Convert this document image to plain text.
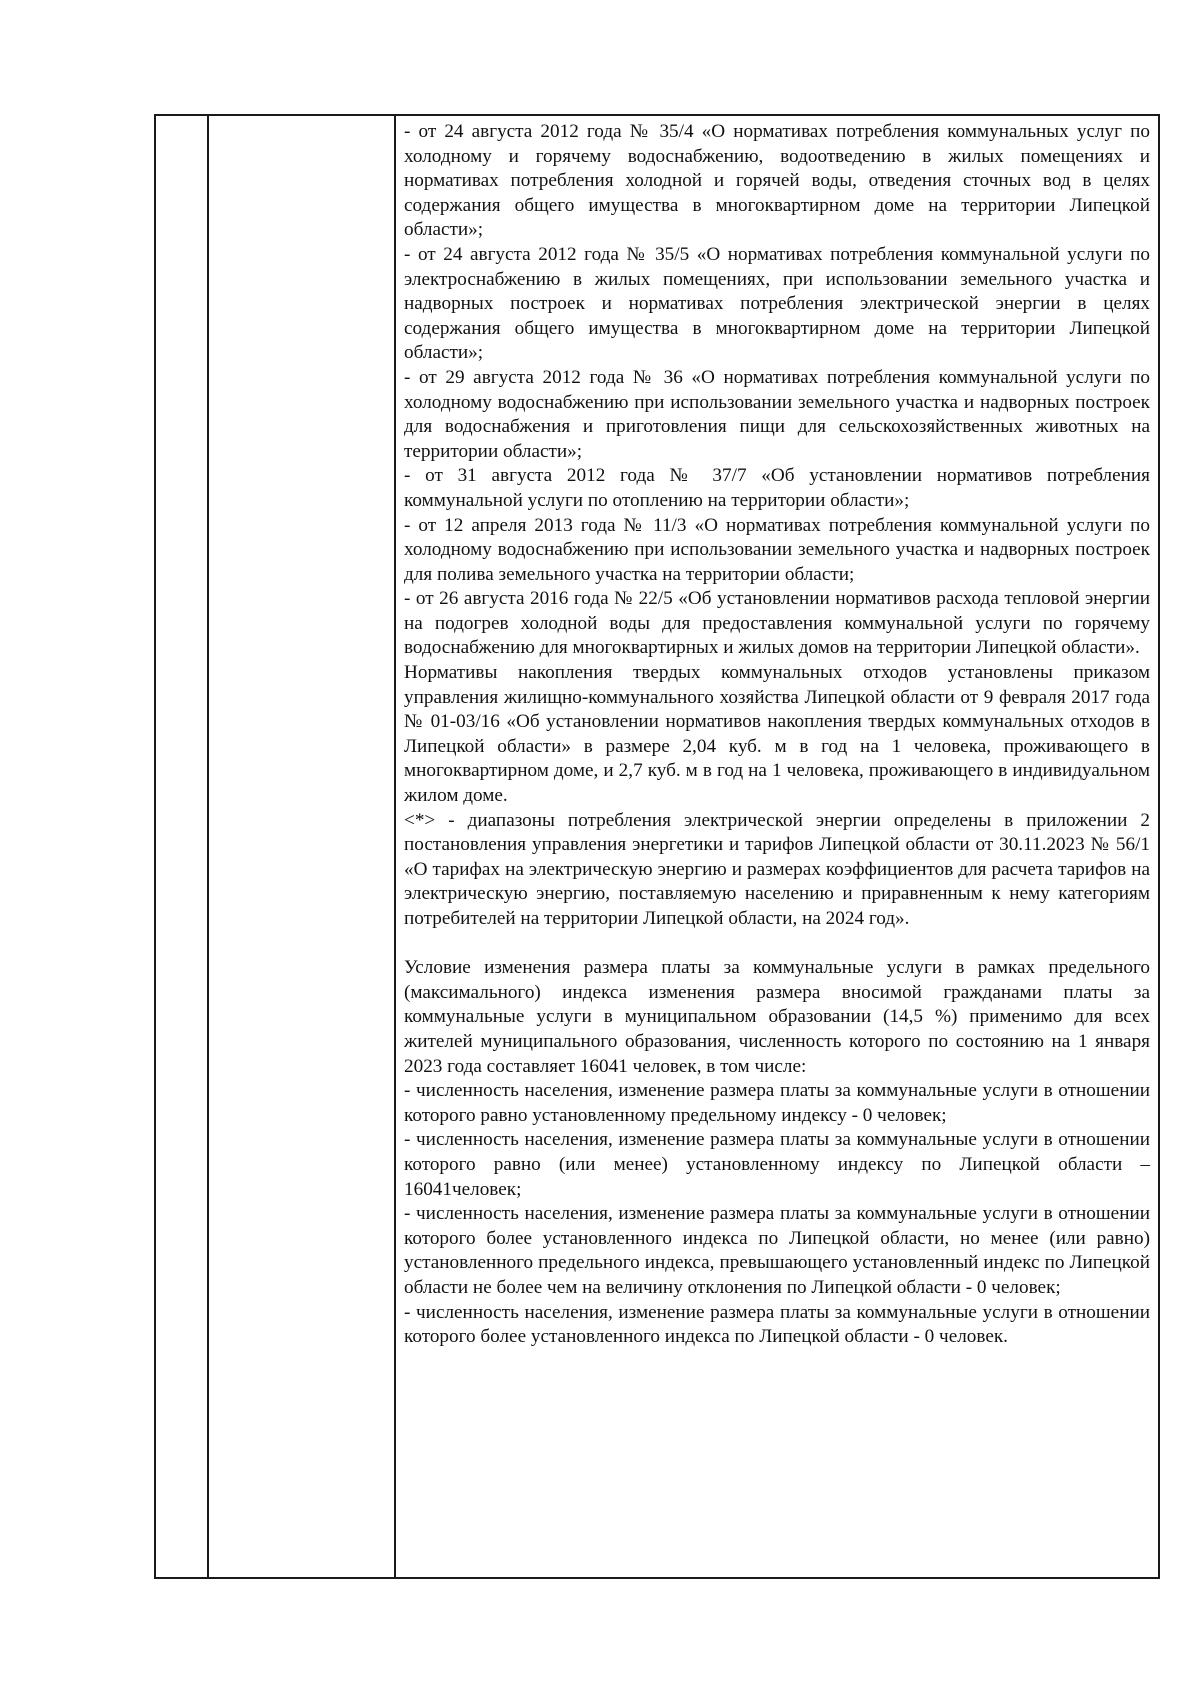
- от 24 августа 2012 года № 35/4 «О нормативах потребления коммунальных услуг по холодному и горячему водоснабжению, водоотведению в жилых помещениях и нормативах потребления холодной и горячей воды, отведения сточных вод в целях содержания общего имущества в многоквартирном доме на территории Липецкой области»;

- от 24 августа 2012 года № 35/5 «О нормативах потребления коммунальной услуги по электроснабжению в жилых помещениях, при использовании земельного участка и надворных построек и нормативах потребления электрической энергии в целях содержания общего имущества в многоквартирном доме на территории Липецкой области»;

- от 29 августа 2012 года № 36 «О нормативах потребления коммунальной услуги по холодному водоснабжению при использовании земельного участка и надворных построек для водоснабжения и приготовления пищи для сельскохозяйственных животных на территории области»;

- от 31 августа 2012 года № 37/7 «Об установлении нормативов потребления коммунальной услуги по отоплению на территории области»;

- от 12 апреля 2013 года № 11/3 «О нормативах потребления коммунальной услуги по холодному водоснабжению при использовании земельного участка и надворных построек для полива земельного участка на территории области;

- от 26 августа 2016 года № 22/5 «Об установлении нормативов расхода тепловой энергии на подогрев холодной воды для предоставления коммунальной услуги по горячему водоснабжению для многоквартирных и жилых домов на территории Липецкой области».

Нормативы накопления твердых коммунальных отходов установлены приказом управления жилищно-коммунального хозяйства Липецкой области от 9 февраля 2017 года № 01-03/16 «Об установлении нормативов накопления твердых коммунальных отходов в Липецкой области» в размере 2,04 куб. м в год на 1 человека, проживающего в многоквартирном доме, и 2,7 куб. м в год на 1 человека, проживающего в индивидуальном жилом доме.

<*> - диапазоны потребления электрической энергии определены в приложении 2 постановления управления энергетики и тарифов Липецкой области от 30.11.2023 № 56/1 «О тарифах на электрическую энергию и размерах коэффициентов для расчета тарифов на электрическую энергию, поставляемую населению и приравненным к нему категориям потребителей на территории Липецкой области, на 2024 год».

Условие изменения размера платы за коммунальные услуги в рамках предельного (максимального) индекса изменения размера вносимой гражданами платы за коммунальные услуги в муниципальном образовании (14,5 %) применимо для всех жителей муниципального образования, численность которого по состоянию на 1 января 2023 года составляет 16041 человек, в том числе:

- численность населения, изменение размера платы за коммунальные услуги в отношении которого равно установленному предельному индексу - 0 человек;

- численность населения, изменение размера платы за коммунальные услуги в отношении которого равно (или менее) установленному индексу по Липецкой области – 16041человек;

- численность населения, изменение размера платы за коммунальные услуги в отношении которого более установленного индекса по Липецкой области, но менее (или равно) установленного предельного индекса, превышающего установленный индекс по Липецкой области не более чем на величину отклонения по Липецкой области - 0 человек;

- численность населения, изменение размера платы за коммунальные услуги в отношении которого более установленного индекса по Липецкой области - 0 человек.
